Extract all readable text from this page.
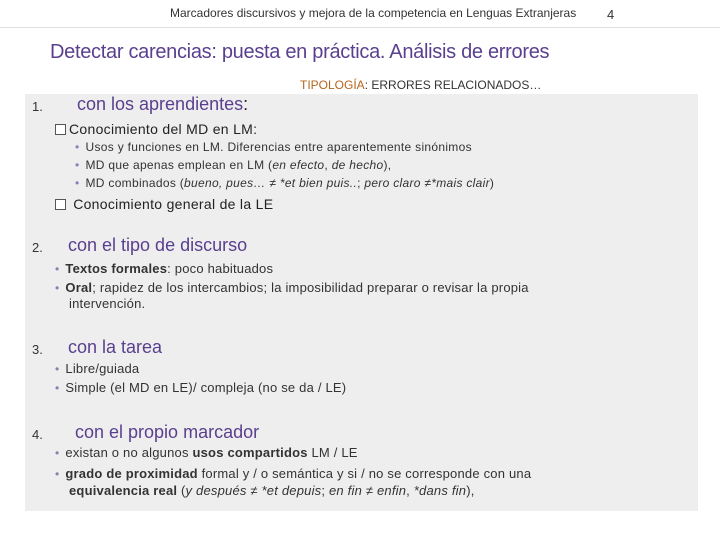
Marcadores discursivos y mejora de la competencia en Lenguas Extranjeras 4
Detectar carencias: puesta en práctica. Análisis de errores
TIPOLOGÍA: ERRORES RELACIONADOS…
1. con los aprendientes:
Conocimiento del MD en LM:
• Usos y funciones en LM. Diferencias entre aparentemente sinónimos
• MD que apenas emplean en LM (en efecto, de hecho),
• MD combinados (bueno, pues… ≠ *et bien puis..; pero claro ≠*mais clair)
Conocimiento general de la LE
2. con el tipo de discurso
• Textos formales: poco habituados
• Oral; rapidez de los intercambios; la imposibilidad preparar o revisar la propia
intervención.
3. con la tarea
• Libre/guiada
• Simple (el MD en LE)/ compleja (no se da / LE)
4. con el propio marcador
• existan o no algunos usos compartidos LM / LE
• grado de proximidad formal y / o semántica y si / no se corresponde con una
equivalencia real (y después ≠ *et depuis; en fin ≠ enfin, *dans fin),
